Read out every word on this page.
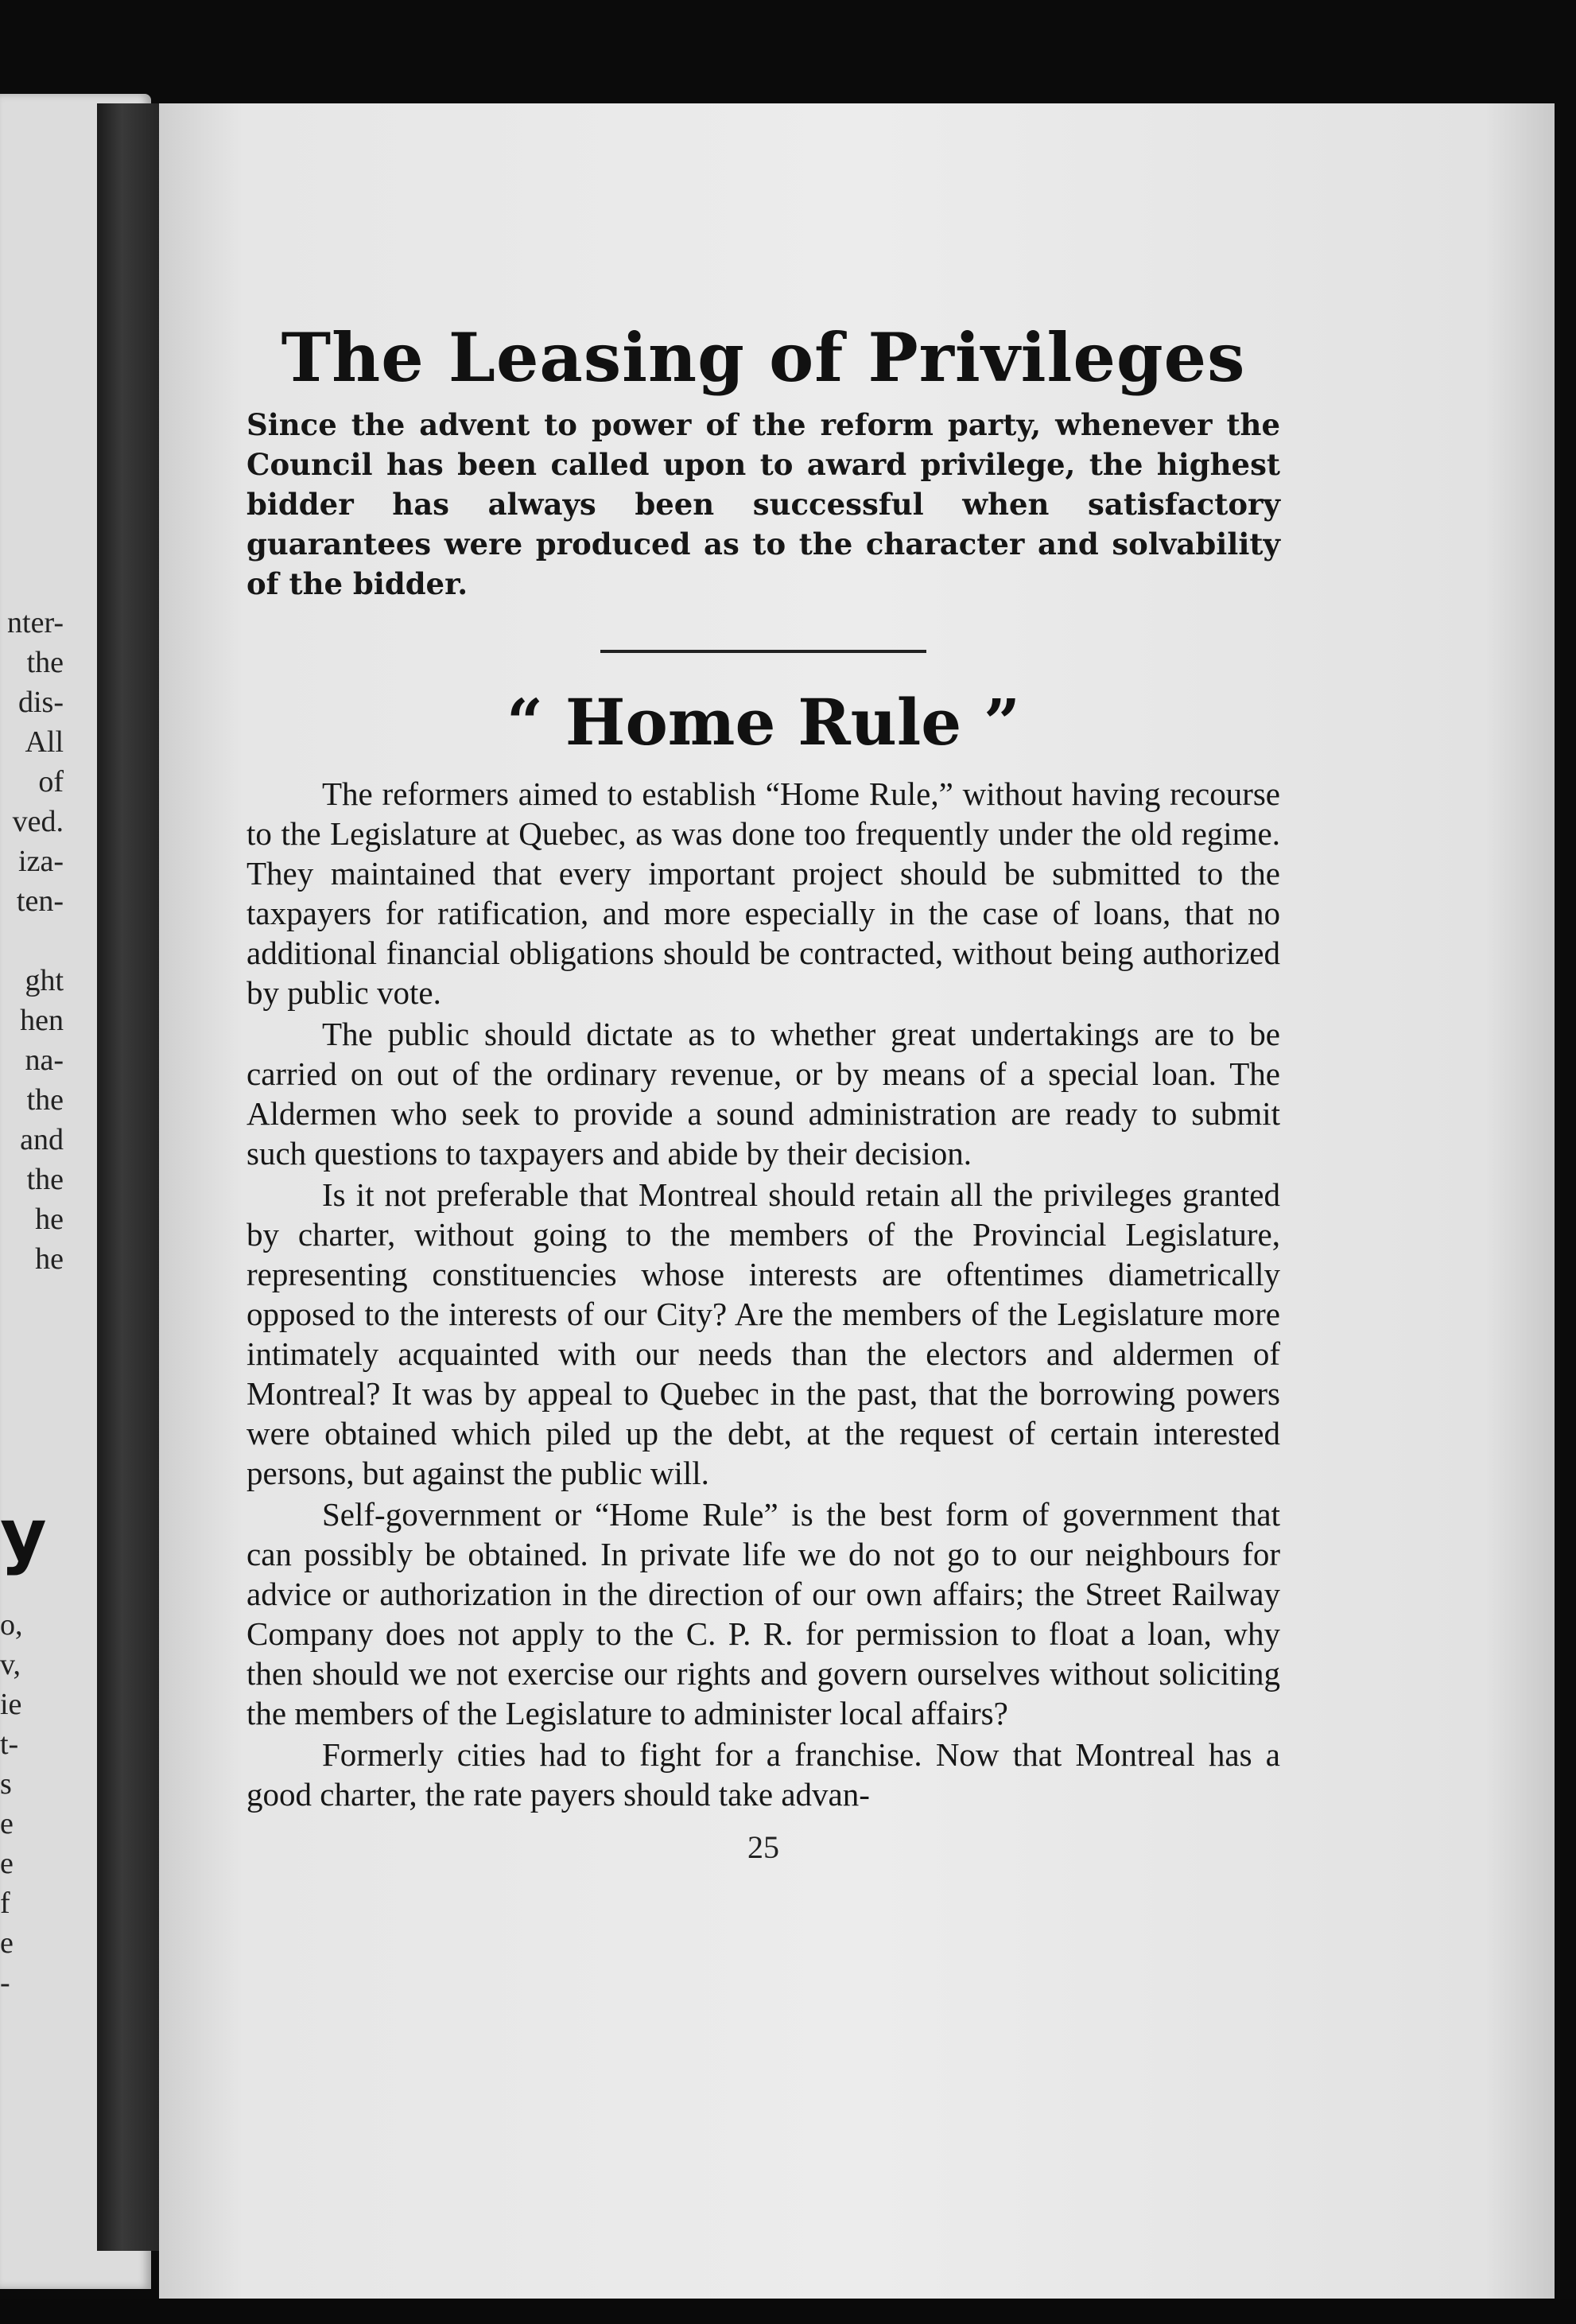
nter-
the
dis-
All
of
ved.
iza-
ten-
ght
hen
na-
the
and
the
he
he
y
o,
v,
ie
t-
s
e
e
f
e
-
The Leasing of Privileges

Since the advent to power of the reform party, whenever the Council has been called upon to award privilege, the highest bidder has always been successful when satisfactory guarantees were produced as to the character and solvability of the bidder.

“ Home Rule ”

The reformers aimed to establish “Home Rule,” without having recourse to the Legislature at Quebec, as was done too frequently under the old regime. They maintained that every important project should be submitted to the taxpayers for ratification, and more especially in the case of loans, that no additional financial obligations should be contracted, without being authorized by public vote.

The public should dictate as to whether great undertakings are to be carried on out of the ordinary revenue, or by means of a special loan. The Aldermen who seek to provide a sound administration are ready to submit such questions to taxpayers and abide by their decision.

Is it not preferable that Montreal should retain all the privileges granted by charter, without going to the members of the Provincial Legislature, representing constituencies whose interests are oftentimes diametrically opposed to the interests of our City? Are the members of the Legislature more intimately acquainted with our needs than the electors and aldermen of Montreal? It was by appeal to Quebec in the past, that the borrowing powers were obtained which piled up the debt, at the request of certain interested persons, but against the public will.

Self-government or “Home Rule” is the best form of government that can possibly be obtained. In private life we do not go to our neighbours for advice or authorization in the direction of our own affairs; the Street Railway Company does not apply to the C. P. R. for permission to float a loan, why then should we not exercise our rights and govern ourselves without soliciting the members of the Legislature to administer local affairs?

Formerly cities had to fight for a franchise. Now that Montreal has a good charter, the rate payers should take advan-

25
